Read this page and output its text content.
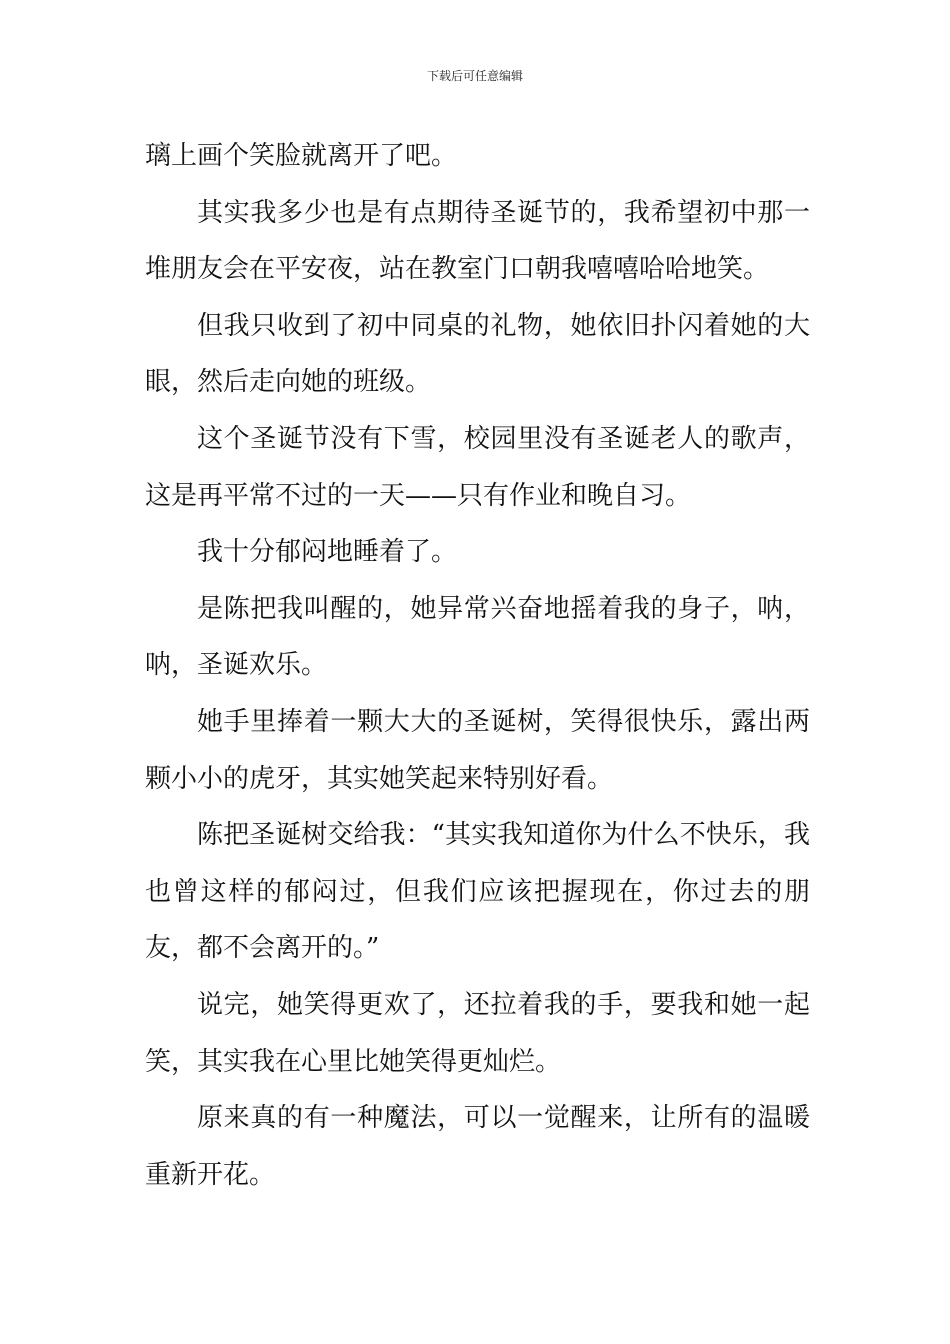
下载后可任意编辑

璃上画个笑脸就离开了吧。

其实我多少也是有点期待圣诞节的，我希望初中那一堆朋友会在平安夜，站在教室门口朝我嘻嘻哈哈地笑。

但我只收到了初中同桌的礼物，她依旧扑闪着她的大眼，然后走向她的班级。

这个圣诞节没有下雪，校园里没有圣诞老人的歌声，这是再平常不过的一天——只有作业和晚自习。

我十分郁闷地睡着了。

是陈把我叫醒的，她异常兴奋地摇着我的身子，呐，呐，圣诞欢乐。

她手里捧着一颗大大的圣诞树，笑得很快乐，露出两颗小小的虎牙，其实她笑起来特别好看。

陈把圣诞树交给我：“其实我知道你为什么不快乐，我也曾这样的郁闷过，但我们应该把握现在，你过去的朋友，都不会离开的。”

说完，她笑得更欢了，还拉着我的手，要我和她一起笑，其实我在心里比她笑得更灿烂。

原来真的有一种魔法，可以一觉醒来，让所有的温暖重新开花。
